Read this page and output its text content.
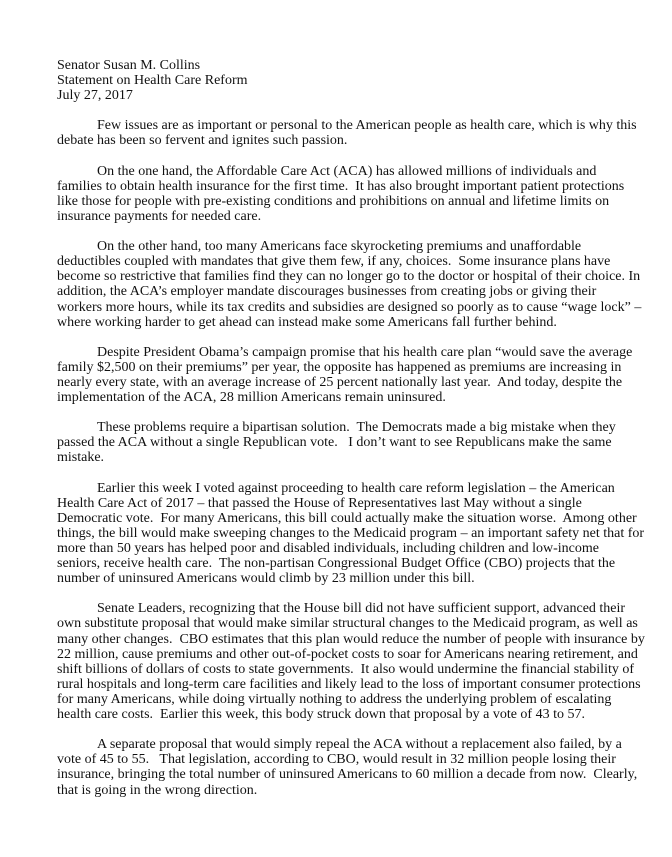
Senator Susan M. Collins
Statement on Health Care Reform
July 27, 2017
Few issues are as important or personal to the American people as health care, which is why this
debate has been so fervent and ignites such passion.
On the one hand, the Affordable Care Act (ACA) has allowed millions of individuals and
families to obtain health insurance for the first time.  It has also brought important patient protections
like those for people with pre-existing conditions and prohibitions on annual and lifetime limits on
insurance payments for needed care.
On the other hand, too many Americans face skyrocketing premiums and unaffordable
deductibles coupled with mandates that give them few, if any, choices.  Some insurance plans have
become so restrictive that families find they can no longer go to the doctor or hospital of their choice. In
addition, the ACA’s employer mandate discourages businesses from creating jobs or giving their
workers more hours, while its tax credits and subsidies are designed so poorly as to cause “wage lock” –
where working harder to get ahead can instead make some Americans fall further behind.
Despite President Obama’s campaign promise that his health care plan “would save the average
family $2,500 on their premiums” per year, the opposite has happened as premiums are increasing in
nearly every state, with an average increase of 25 percent nationally last year.  And today, despite the
implementation of the ACA, 28 million Americans remain uninsured.
These problems require a bipartisan solution.  The Democrats made a big mistake when they
passed the ACA without a single Republican vote.   I don’t want to see Republicans make the same
mistake.
Earlier this week I voted against proceeding to health care reform legislation – the American
Health Care Act of 2017 – that passed the House of Representatives last May without a single
Democratic vote.  For many Americans, this bill could actually make the situation worse.  Among other
things, the bill would make sweeping changes to the Medicaid program – an important safety net that for
more than 50 years has helped poor and disabled individuals, including children and low-income
seniors, receive health care.  The non-partisan Congressional Budget Office (CBO) projects that the
number of uninsured Americans would climb by 23 million under this bill.
Senate Leaders, recognizing that the House bill did not have sufficient support, advanced their
own substitute proposal that would make similar structural changes to the Medicaid program, as well as
many other changes.  CBO estimates that this plan would reduce the number of people with insurance by
22 million, cause premiums and other out-of-pocket costs to soar for Americans nearing retirement, and
shift billions of dollars of costs to state governments.  It also would undermine the financial stability of
rural hospitals and long-term care facilities and likely lead to the loss of important consumer protections
for many Americans, while doing virtually nothing to address the underlying problem of escalating
health care costs.  Earlier this week, this body struck down that proposal by a vote of 43 to 57.
A separate proposal that would simply repeal the ACA without a replacement also failed, by a
vote of 45 to 55.   That legislation, according to CBO, would result in 32 million people losing their
insurance, bringing the total number of uninsured Americans to 60 million a decade from now.  Clearly,
that is going in the wrong direction.
